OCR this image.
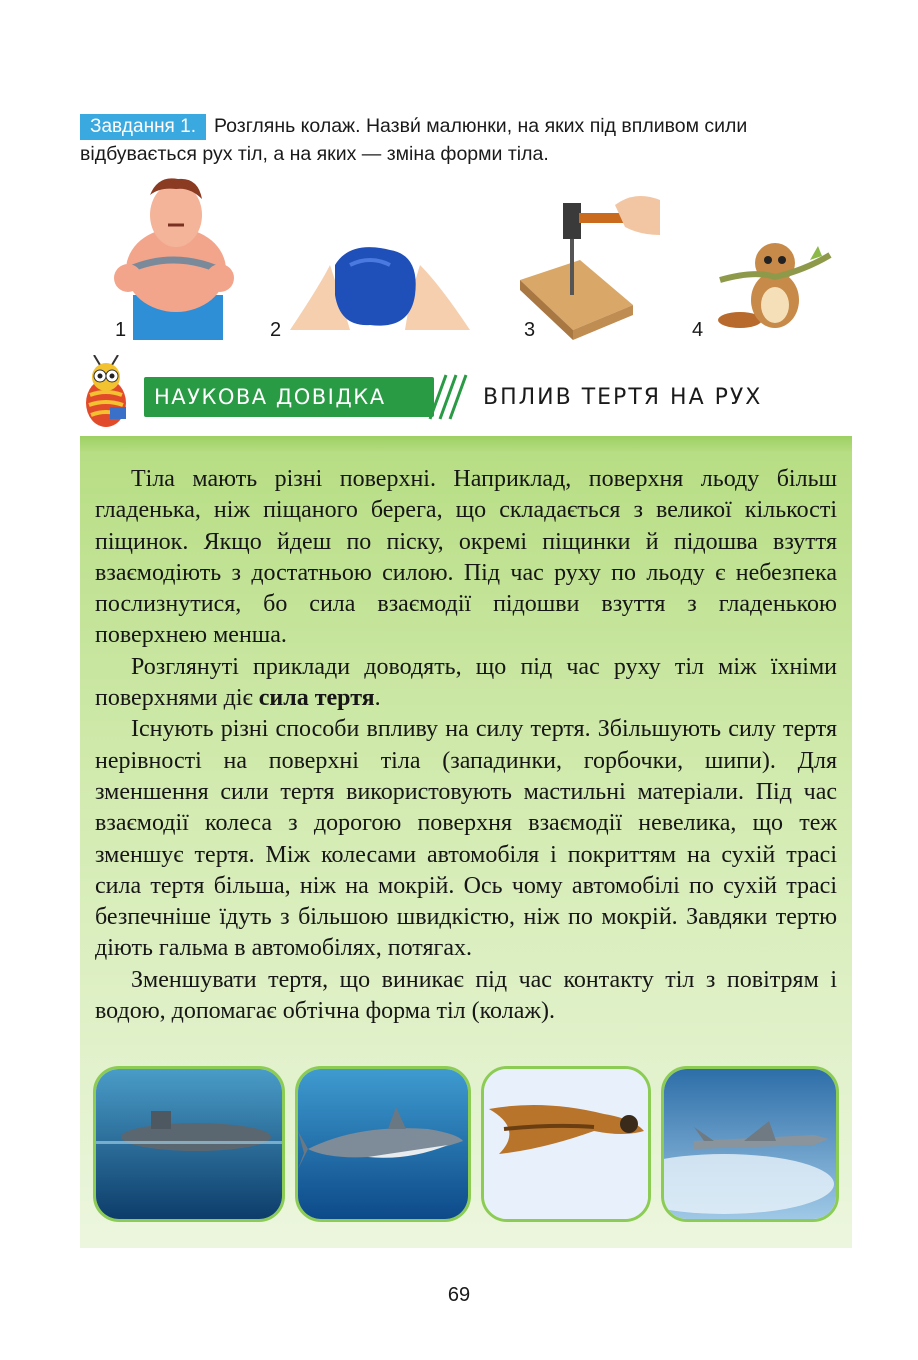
Завдання 1. Розглянь колаж. Назви́ малюнки, на яких під впливом сили відбувається рух тіл, а на яких — зміна форми тіла.
1	2	3	4
НАУКОВА ДОВІДКА	ВПЛИВ ТЕРТЯ НА РУХ

Тіла мають різні поверхні. Наприклад, поверхня льоду більш гладенька, ніж піщаного берега, що складається з великої кількості піщинок. Якщо йдеш по піску, окремі піщинки й підошва взуття взаємодіють з достатньою силою. Під час руху по льоду є небезпека послизнутися, бо сила взаємодії підошви взуття з гладенькою поверхнею менша.

Розглянуті приклади доводять, що під час руху тіл між їхніми поверхнями діє сила тертя.

Існують різні способи впливу на силу тертя. Збільшують силу тертя нерівності на поверхні тіла (западинки, горбочки, шипи). Для зменшення сили тертя використовують мастильні матеріали. Під час взаємодії колеса з дорогою поверхня взаємодії невелика, що теж зменшує тертя. Між колесами автомобіля і покриттям на сухій трасі сила тертя більша, ніж на мокрій. Ось чому автомобілі по сухій трасі безпечніше їдуть з більшою швидкістю, ніж по мокрій. Завдяки тертю діють гальма в автомобілях, потягах.

Зменшувати тертя, що виникає під час контакту тіл з повітрям і водою, допомагає обтічна форма тіл (колаж).

69
